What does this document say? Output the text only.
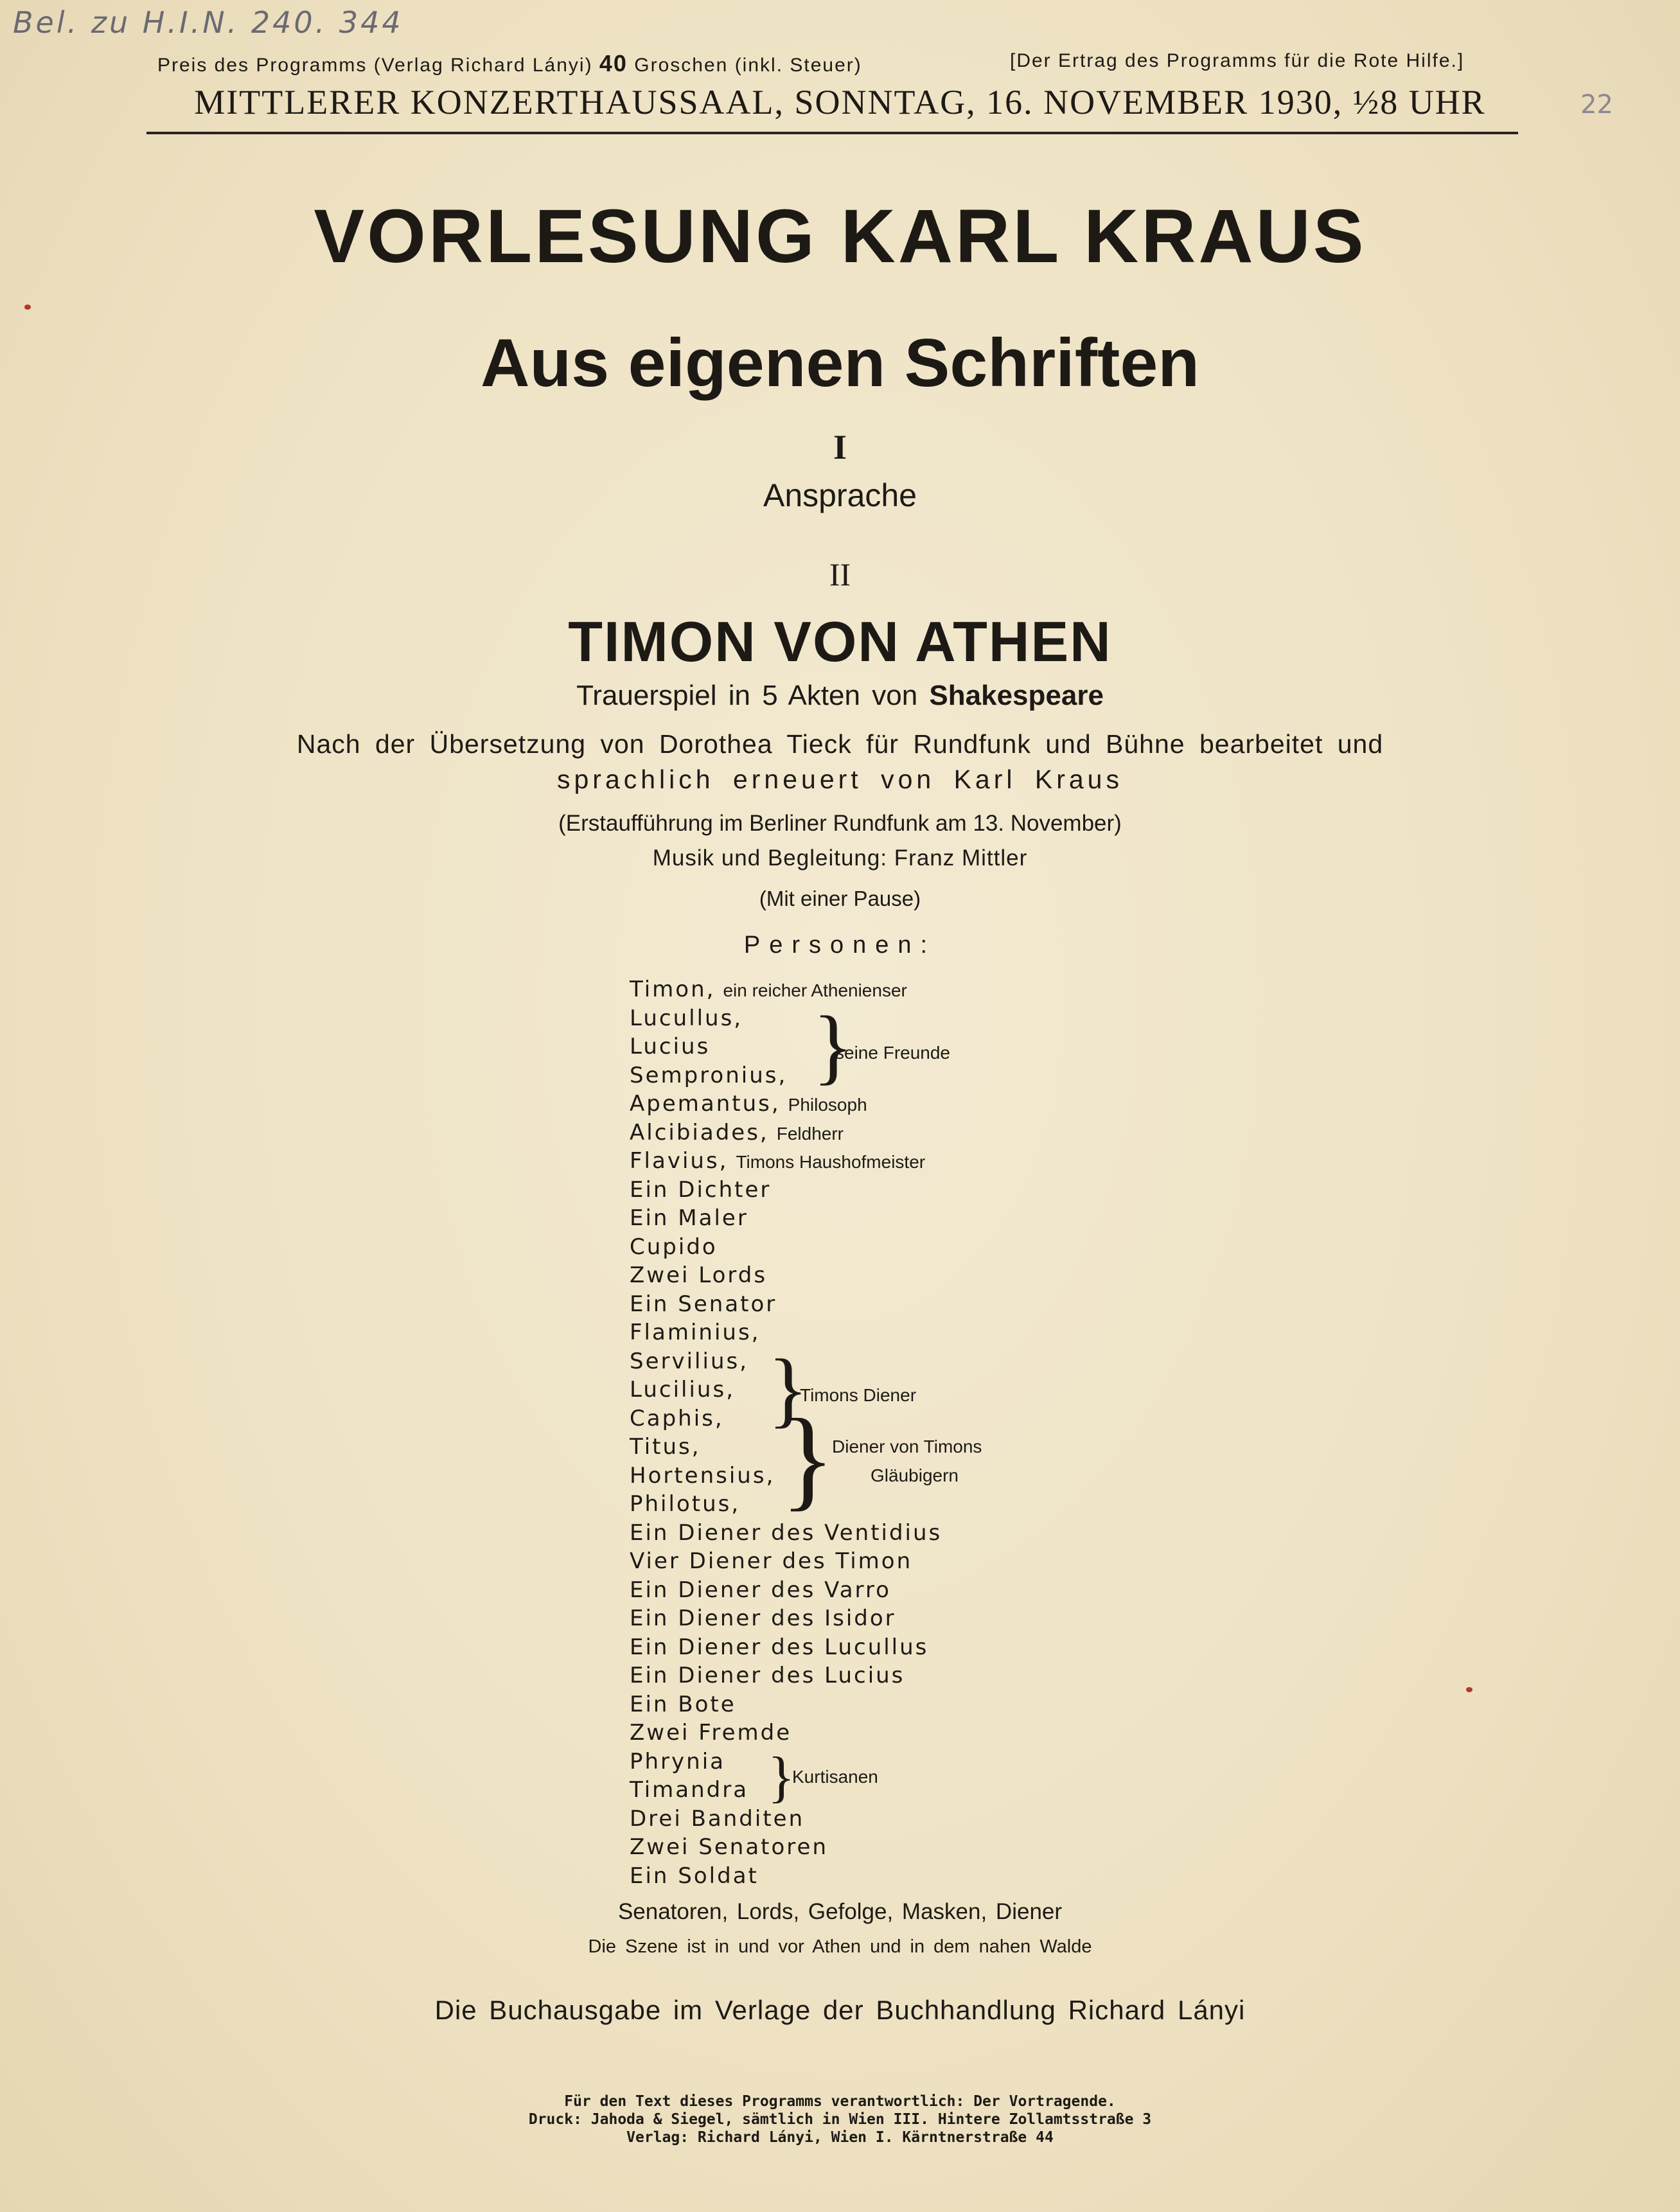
Bel. zu H.I.N. 240. 344
22
Preis des Programms (Verlag Richard Lányi) 40 Groschen (inkl. Steuer)	[Der Ertrag des Programms für die Rote Hilfe.]
MITTLERER KONZERTHAUSSAAL, SONNTAG, 16. NOVEMBER 1930, ½8 UHR
VORLESUNG KARL KRAUS
Aus eigenen Schriften
I
Ansprache
II
TIMON VON ATHEN
Trauerspiel in 5 Akten von Shakespeare
Nach der Übersetzung von Dorothea Tieck für Rundfunk und Bühne bearbeitet und
sprachlich erneuert von Karl Kraus
(Erstaufführung im Berliner Rundfunk am 13. November)
Musik und Begleitung: Franz Mittler
(Mit einer Pause)
Personen:
Timon, ein reicher Athenienser
Lucullus,
Lucius
Sempronius,
Apemantus, Philosoph
Alcibiades, Feldherr
Flavius, Timons Haushofmeister
Ein Dichter
Ein Maler
Cupido
Zwei Lords
Ein Senator
Flaminius,
Servilius,
Lucilius,
Caphis,
Titus,
Hortensius,
Philotus,
Ein Diener des Ventidius
Vier Diener des Timon
Ein Diener des Varro
Ein Diener des Isidor
Ein Diener des Lucullus
Ein Diener des Lucius
Ein Bote
Zwei Fremde
Phrynia
Timandra
Drei Banditen
Zwei Senatoren
Ein Soldat
}
seine Freunde
}
Timons Diener
}
Diener von Timons
Gläubigern
}
Kurtisanen
Senatoren, Lords, Gefolge, Masken, Diener
Die Szene ist in und vor Athen und in dem nahen Walde
Die Buchausgabe im Verlage der Buchhandlung Richard Lányi
Für den Text dieses Programms verantwortlich: Der Vortragende.
Druck: Jahoda & Siegel, sämtlich in Wien III. Hintere Zollamtsstraße 3
Verlag: Richard Lányi, Wien I. Kärntnerstraße 44
